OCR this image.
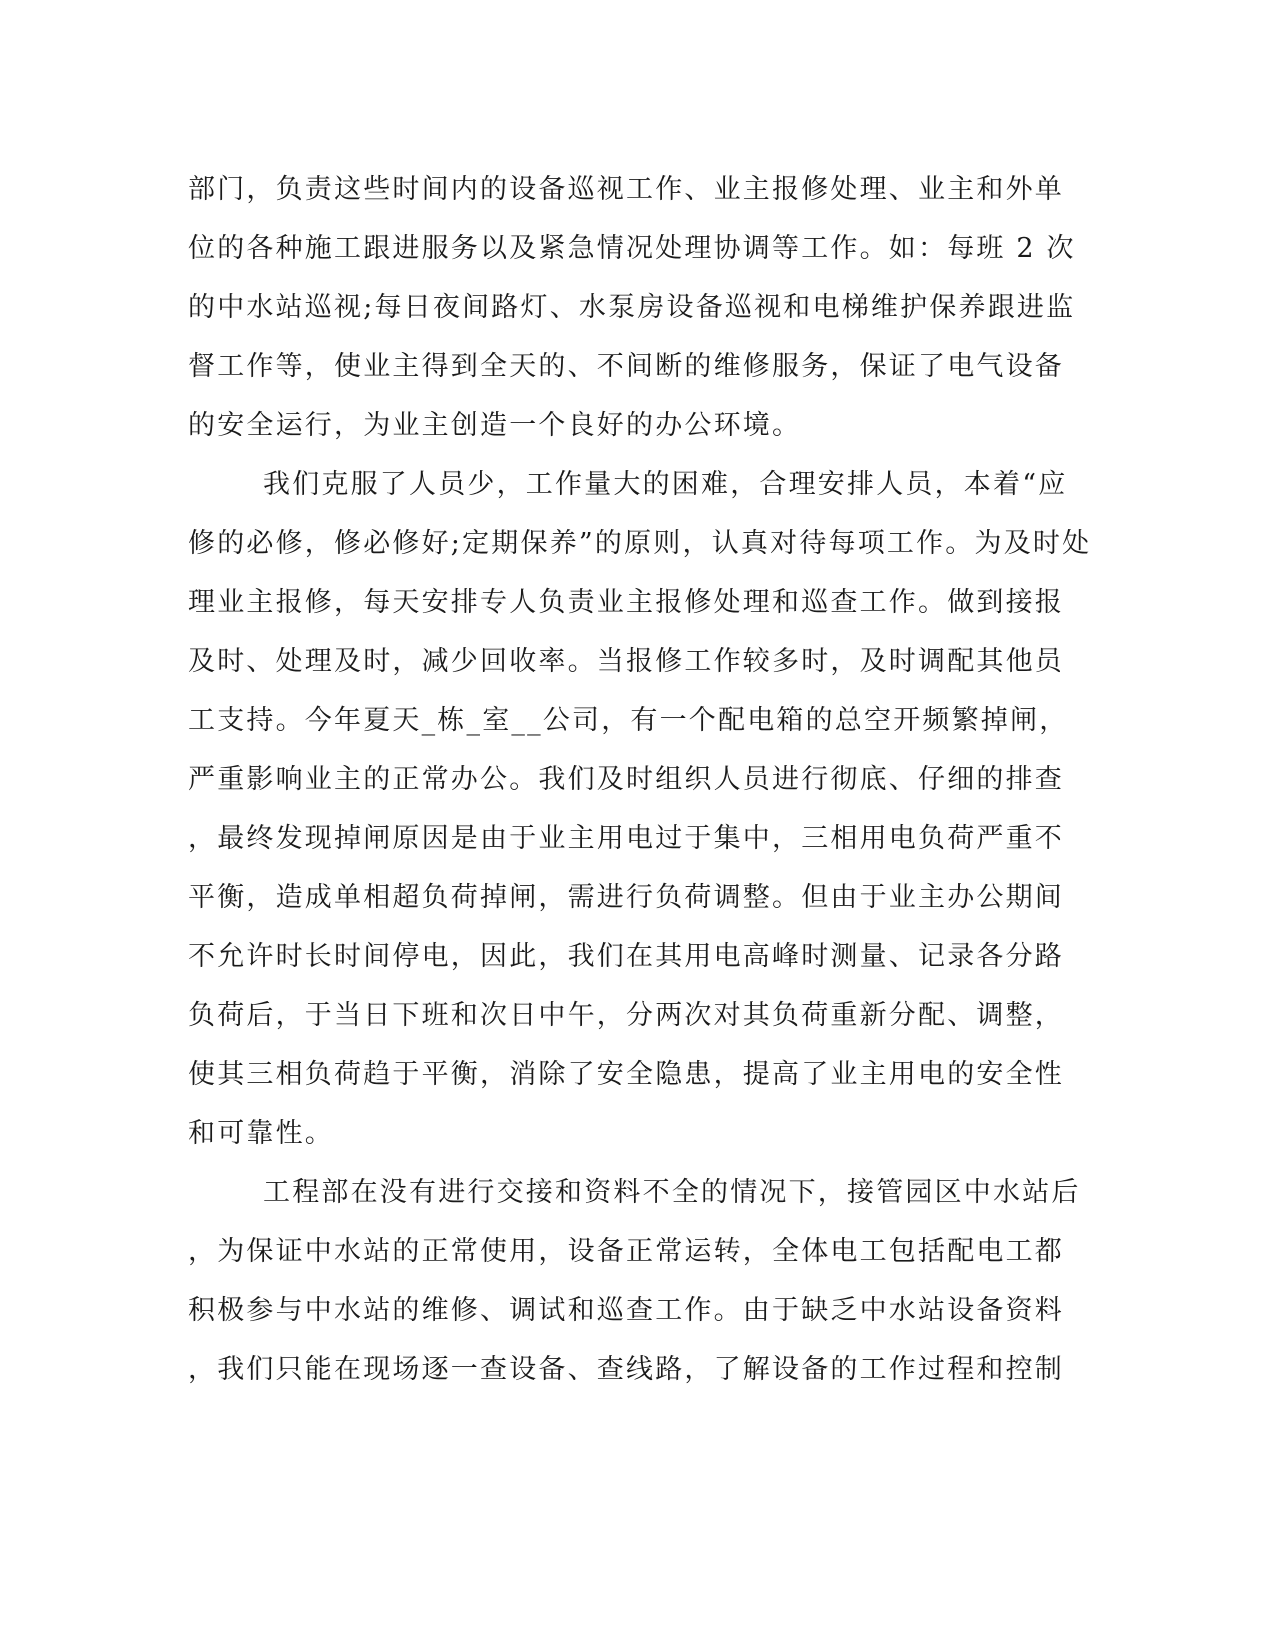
部门，负责这些时间内的设备巡视工作、业主报修处理、业主和外单
位的各种施工跟进服务以及紧急情况处理协调等工作。如：每班 2 次
的中水站巡视;每日夜间路灯、水泵房设备巡视和电梯维护保养跟进监
督工作等，使业主得到全天的、不间断的维修服务，保证了电气设备
的安全运行，为业主创造一个良好的办公环境。
我们克服了人员少，工作量大的困难，合理安排人员，本着“应
修的必修，修必修好;定期保养”的原则，认真对待每项工作。为及时处
理业主报修，每天安排专人负责业主报修处理和巡查工作。做到接报
及时、处理及时，减少回收率。当报修工作较多时，及时调配其他员
工支持。今年夏天_栋_室__公司，有一个配电箱的总空开频繁掉闸，
严重影响业主的正常办公。我们及时组织人员进行彻底、仔细的排查
，最终发现掉闸原因是由于业主用电过于集中，三相用电负荷严重不
平衡，造成单相超负荷掉闸，需进行负荷调整。但由于业主办公期间
不允许时长时间停电，因此，我们在其用电高峰时测量、记录各分路
负荷后，于当日下班和次日中午，分两次对其负荷重新分配、调整，
使其三相负荷趋于平衡，消除了安全隐患，提高了业主用电的安全性
和可靠性。
工程部在没有进行交接和资料不全的情况下，接管园区中水站后
，为保证中水站的正常使用，设备正常运转，全体电工包括配电工都
积极参与中水站的维修、调试和巡查工作。由于缺乏中水站设备资料
，我们只能在现场逐一查设备、查线路，了解设备的工作过程和控制
